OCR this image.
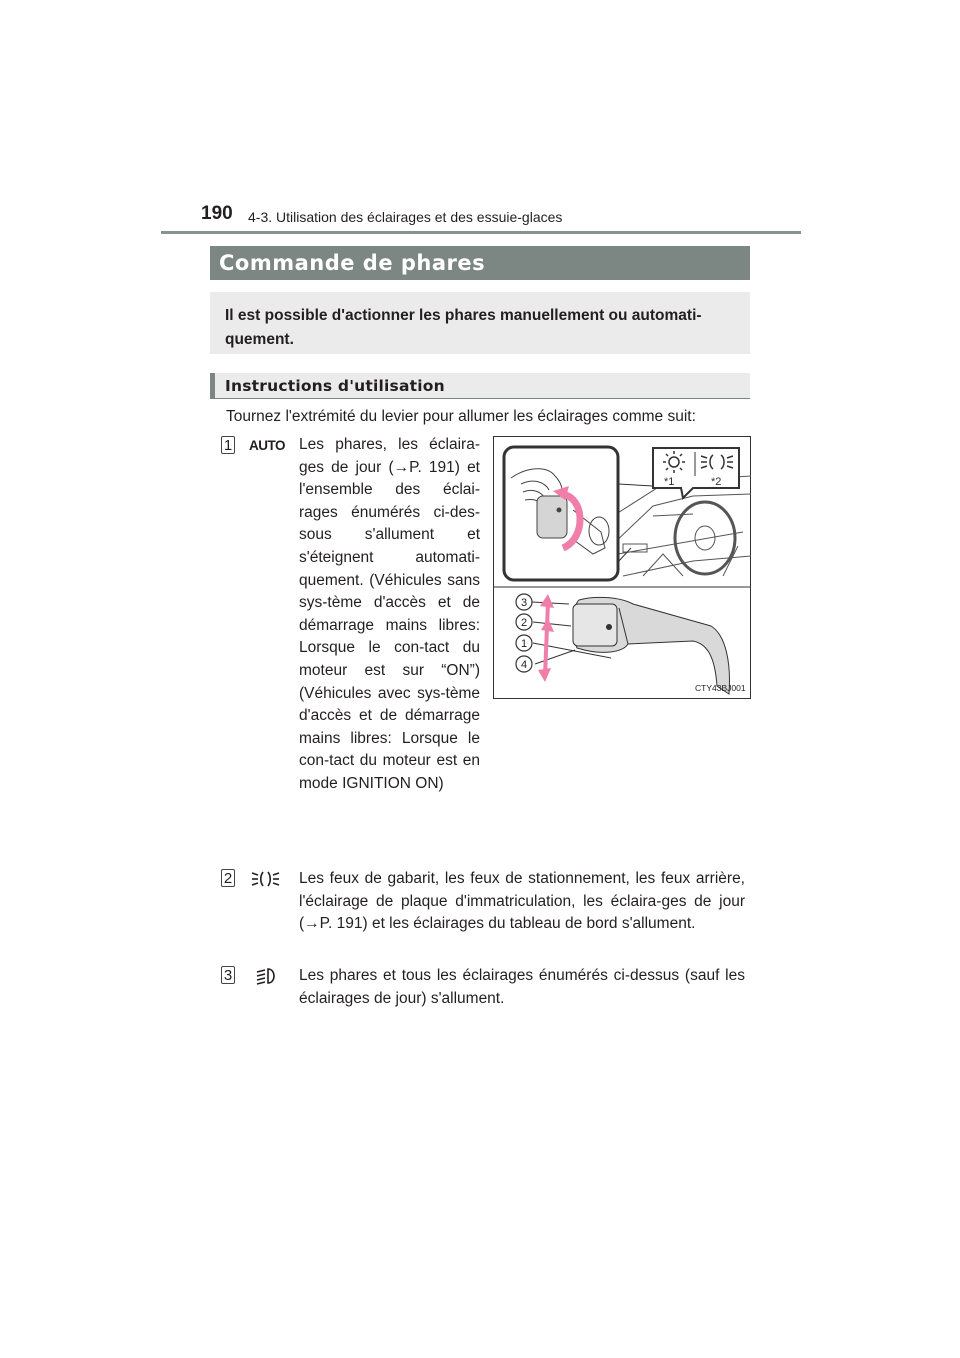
190 4-3. Utilisation des éclairages et des essuie-glaces
Commande de phares
Il est possible d'actionner les phares manuellement ou automati-quement.
Instructions d'utilisation
Tournez l'extrémité du levier pour allumer les éclairages comme suit:
1 AUTO Les phares, les éclaira-ges de jour (→P. 191) et l'ensemble des éclai-rages énumérés ci-des-sous s'allument et s'éteignent automati-quement. (Véhicules sans sys-tème d'accès et de démarrage mains libres: Lorsque le con-tact du moteur est sur “ON”) (Véhicules avec sys-tème d'accès et de démarrage mains libres: Lorsque le con-tact du moteur est en mode IGNITION ON)
*1	*2
3
2
1
4
CTY43BJ001
2	Les feux de gabarit, les feux de stationnement, les feux arrière, l'éclairage de plaque d'immatriculation, les éclaira-ges de jour (→P. 191) et les éclairages du tableau de bord s'allument.
3	Les phares et tous les éclairages énumérés ci-dessus (sauf les éclairages de jour) s'allument.
